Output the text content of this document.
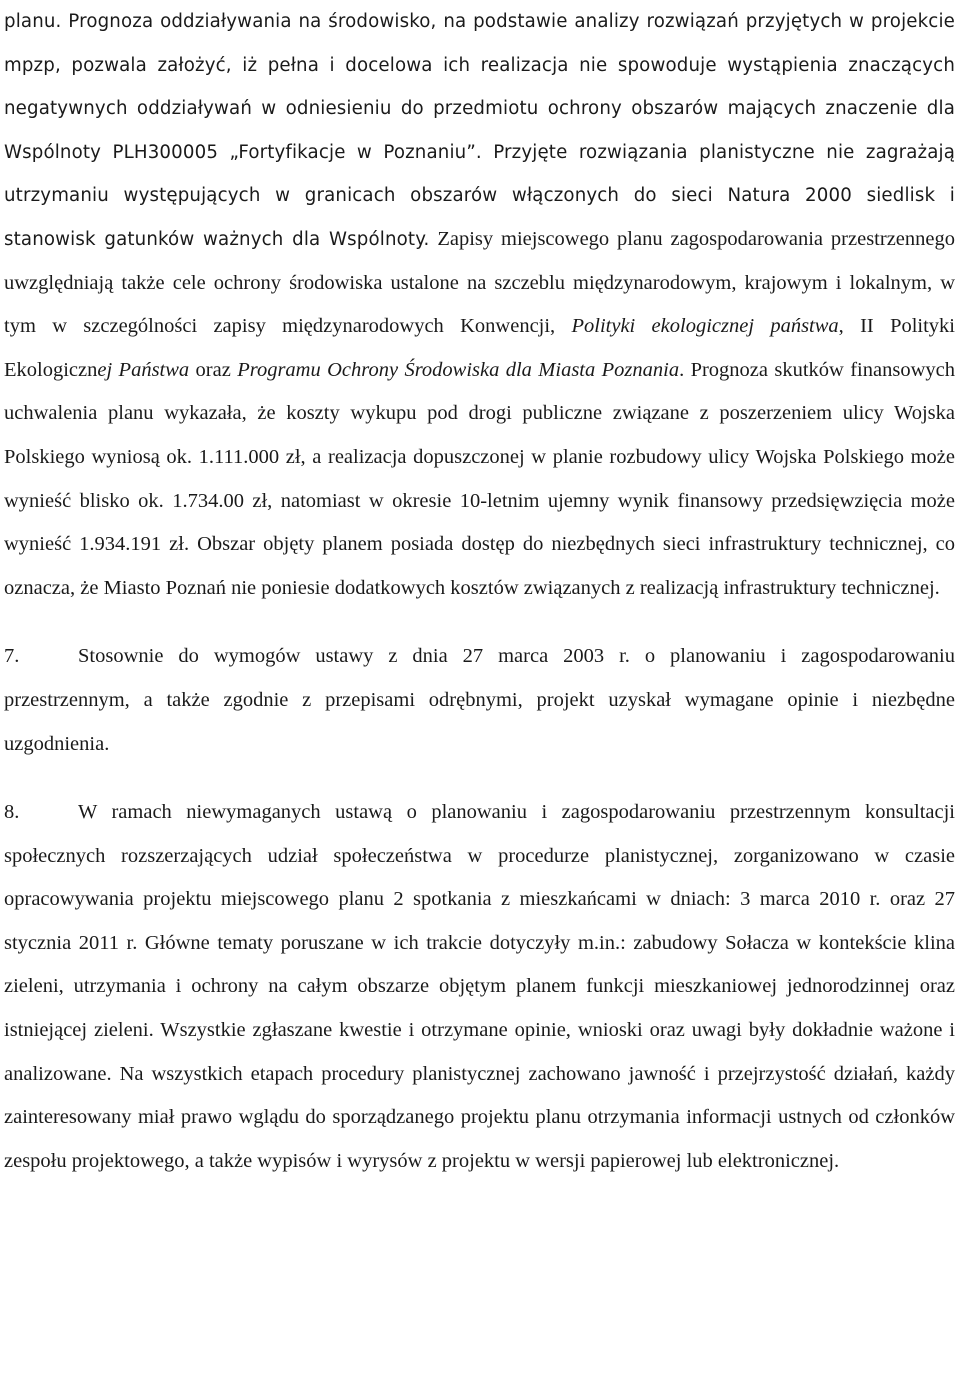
planu. Prognoza oddziaływania na środowisko, na podstawie analizy rozwiązań przyjętych w projekcie mpzp, pozwala założyć, iż pełna i docelowa ich realizacja nie spowoduje wystąpienia znaczących negatywnych oddziaływań w odniesieniu do przedmiotu ochrony obszarów mających znaczenie dla Wspólnoty PLH300005 „Fortyfikacje w Poznaniu”. Przyjęte rozwiązania planistyczne nie zagrażają utrzymaniu występujących w granicach obszarów włączonych do sieci Natura 2000 siedlisk i stanowisk gatunków ważnych dla Wspólnoty. Zapisy miejscowego planu zagospodarowania przestrzennego uwzględniają także cele ochrony środowiska ustalone na szczeblu międzynarodowym, krajowym i lokalnym, w tym w szczególności zapisy międzynarodowych Konwencji, Polityki ekologicznej państwa, II Polityki Ekologicznej Państwa oraz Programu Ochrony Środowiska dla Miasta Poznania. Prognoza skutków finansowych uchwalenia planu wykazała, że koszty wykupu pod drogi publiczne związane z poszerzeniem ulicy Wojska Polskiego wyniosą ok. 1.111.000 zł, a realizacja dopuszczonej w planie rozbudowy ulicy Wojska Polskiego może wynieść blisko ok. 1.734.00 zł, natomiast w okresie 10-letnim ujemny wynik finansowy przedsięwzięcia może wynieść 1.934.191 zł. Obszar objęty planem posiada dostęp do niezbędnych sieci infrastruktury technicznej, co oznacza, że Miasto Poznań nie poniesie dodatkowych kosztów związanych z realizacją infrastruktury technicznej.

7.	Stosownie do wymogów ustawy z dnia 27 marca 2003 r. o planowaniu i zagospodarowaniu przestrzennym, a także zgodnie z przepisami odrębnymi, projekt uzyskał wymagane opinie i niezbędne uzgodnienia.

8.	W ramach niewymaganych ustawą o planowaniu i zagospodarowaniu przestrzennym konsultacji społecznych rozszerzających udział społeczeństwa w procedurze planistycznej, zorganizowano w czasie opracowywania projektu miejscowego planu 2 spotkania z mieszkańcami w dniach: 3 marca 2010 r. oraz 27 stycznia 2011 r. Główne tematy poruszane w ich trakcie dotyczyły m.in.: zabudowy Sołacza w kontekście klina zieleni, utrzymania i ochrony na całym obszarze objętym planem funkcji mieszkaniowej jednorodzinnej oraz istniejącej zieleni. Wszystkie zgłaszane kwestie i otrzymane opinie, wnioski oraz uwagi były dokładnie ważone i analizowane. Na wszystkich etapach procedury planistycznej zachowano jawność i przejrzystość działań, każdy zainteresowany miał prawo wglądu do sporządzanego projektu planu otrzymania informacji ustnych od członków zespołu projektowego, a także wypisów i wyrysów z projektu w wersji papierowej lub elektronicznej.
